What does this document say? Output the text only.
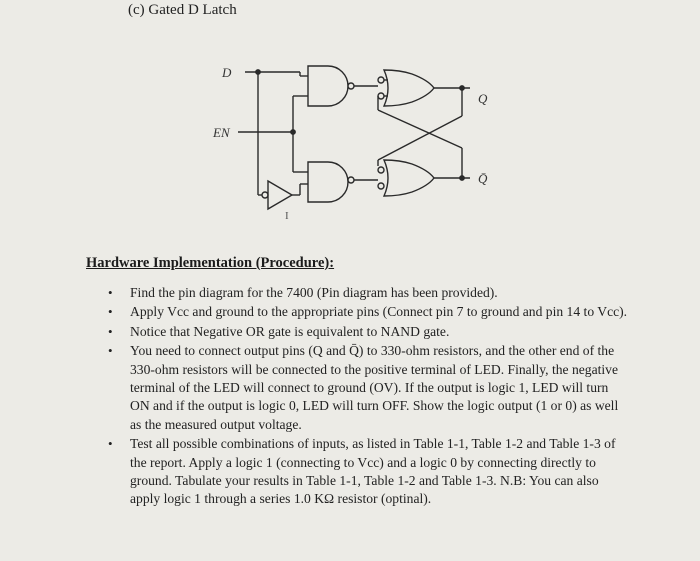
(c) Gated D Latch
D
EN
Q
Q̄
I
Hardware Implementation (Procedure):
• Find the pin diagram for the 7400 (Pin diagram has been provided).
• Apply Vcc and ground to the appropriate pins (Connect pin 7 to ground and pin 14 to Vcc).
• Notice that Negative OR gate is equivalent to NAND gate.
• You need to connect output pins (Q and Q̄) to 330-ohm resistors, and the other end of the 330-ohm resistors will be connected to the positive terminal of LED. Finally, the negative terminal of the LED will connect to ground (OV). If the output is logic 1, LED will turn ON and if the output is logic 0, LED will turn OFF. Show the logic output (1 or 0) as well as the measured output voltage.
• Test all possible combinations of inputs, as listed in Table 1-1, Table 1-2 and Table 1-3 of the report. Apply a logic 1 (connecting to Vcc) and a logic 0 by connecting directly to ground. Tabulate your results in Table 1-1, Table 1-2 and Table 1-3. N.B: You can also apply logic 1 through a series 1.0 KΩ resistor (optinal).
